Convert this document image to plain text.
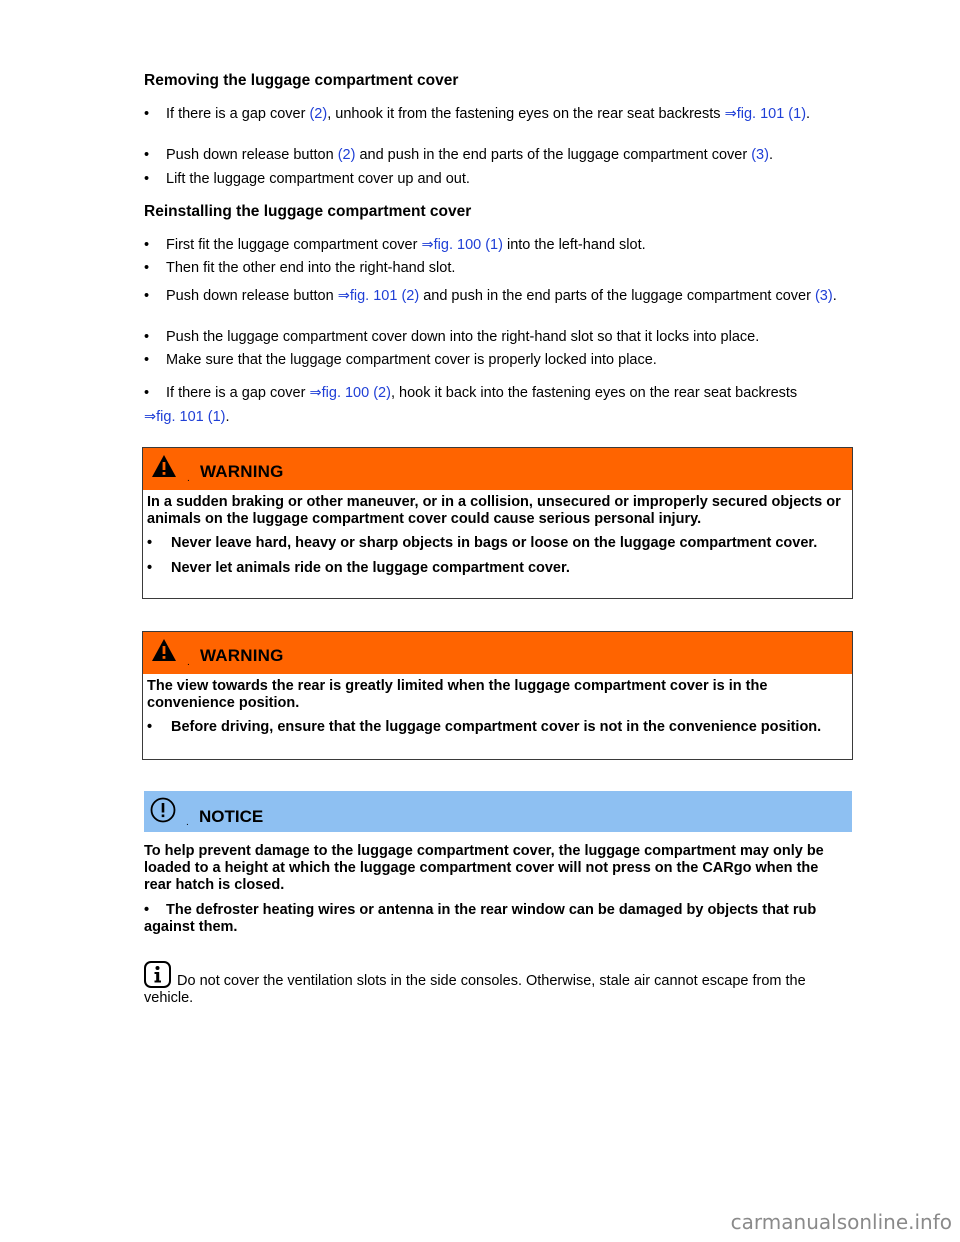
Removing the luggage compartment cover
• If there is a gap cover (2), unhook it from the fastening eyes on the rear seat backrests ⇒fig. 101 (1).
• Push down release button (2) and push in the end parts of the luggage compartment cover (3).
• Lift the luggage compartment cover up and out.
Reinstalling the luggage compartment cover
• First fit the luggage compartment cover ⇒fig. 100 (1) into the left-hand slot.
• Then fit the other end into the right-hand slot.
• Push down release button ⇒fig. 101 (2) and push in the end parts of the luggage compartment cover (3).
• Push the luggage compartment cover down into the right-hand slot so that it locks into place.
• Make sure that the luggage compartment cover is properly locked into place.
• If there is a gap cover ⇒fig. 100 (2), hook it back into the fastening eyes on the rear seat backrests
⇒fig. 101 (1).
. WARNING

In a sudden braking or other maneuver, or in a collision, unsecured or improperly secured objects or animals on the luggage compartment cover could cause serious personal injury.

• Never leave hard, heavy or sharp objects in bags or loose on the luggage compartment cover.

• Never let animals ride on the luggage compartment cover.

. WARNING

The view towards the rear is greatly limited when the luggage compartment cover is in the convenience position.

• Before driving, ensure that the luggage compartment cover is not in the convenience position.

. NOTICE

To help prevent damage to the luggage compartment cover, the luggage compartment may only be loaded to a height at which the luggage compartment cover will not press on the CARgo when the rear hatch is closed.

• The defroster heating wires or antenna in the rear window can be damaged by objects that rub against them.

Do not cover the ventilation slots in the side consoles. Otherwise, stale air cannot escape from the vehicle.
carmanualsonline.info
